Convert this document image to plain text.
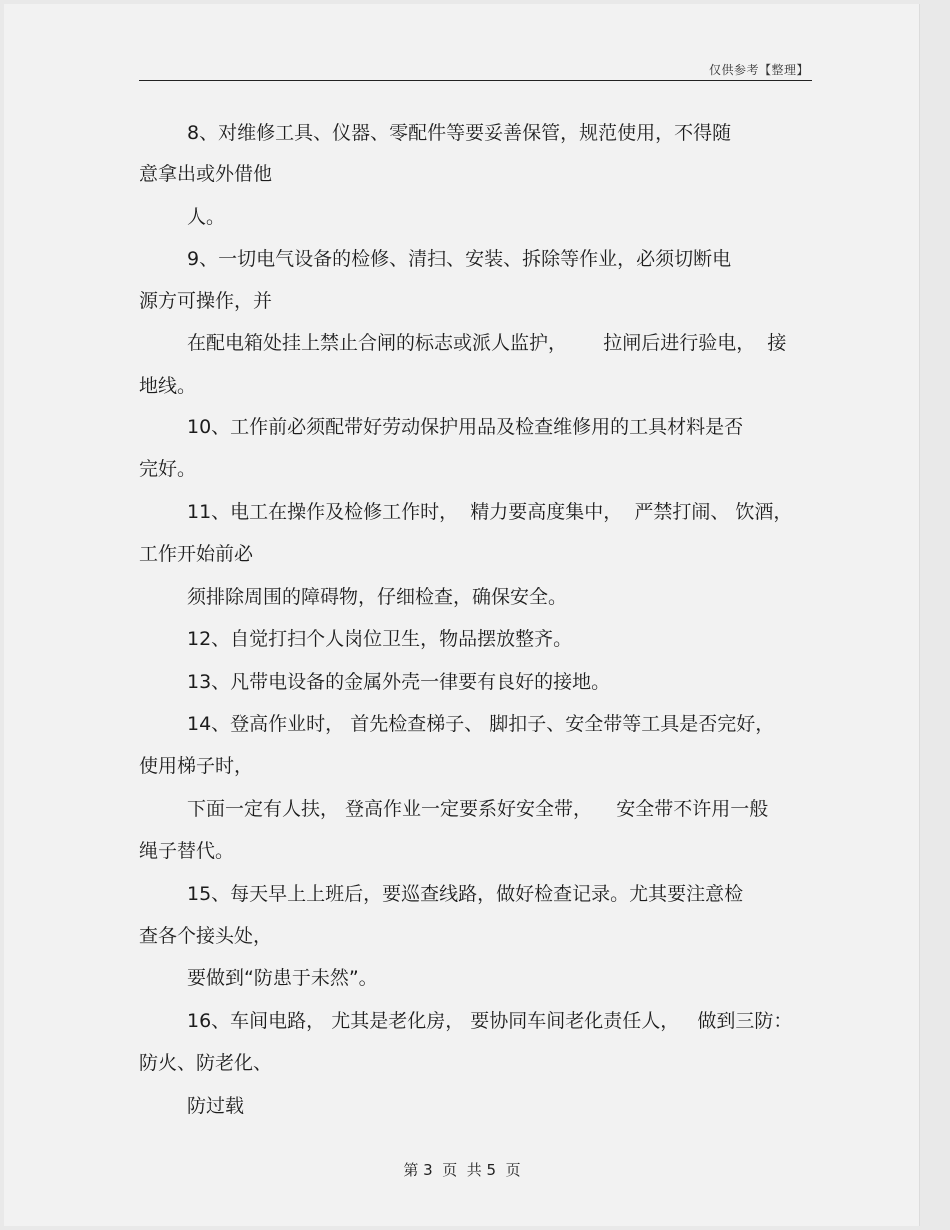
仅供参考【整理】
8、对维修工具、仪器、零配件等要妥善保管，规范使用，不得随
意拿出或外借他
人。
9、一切电气设备的检修、清扫、安装、拆除等作业，必须切断电
源方可操作，并
在配电箱处挂上禁止合闸的标志或派人监护，      拉闸后进行验电，  接
地线。
10、工作前必须配带好劳动保护用品及检查维修用的工具材料是否
完好。
11、电工在操作及检修工作时，  精力要高度集中，  严禁打闹、 饮酒，
工作开始前必
须排除周围的障碍物，仔细检查，确保安全。
12、自觉打扫个人岗位卫生，物品摆放整齐。
13、凡带电设备的金属外壳一律要有良好的接地。
14、登高作业时， 首先检查梯子、 脚扣子、安全带等工具是否完好，
使用梯子时，
下面一定有人扶， 登高作业一定要系好安全带，    安全带不许用一般
绳子替代。
15、每天早上上班后，要巡查线路，做好检查记录。尤其要注意检
查各个接头处，
要做到“防患于未然”。
16、车间电路， 尤其是老化房， 要协同车间老化责任人，   做到三防：
防火、防老化、
防过载
第 3  页  共 5  页
